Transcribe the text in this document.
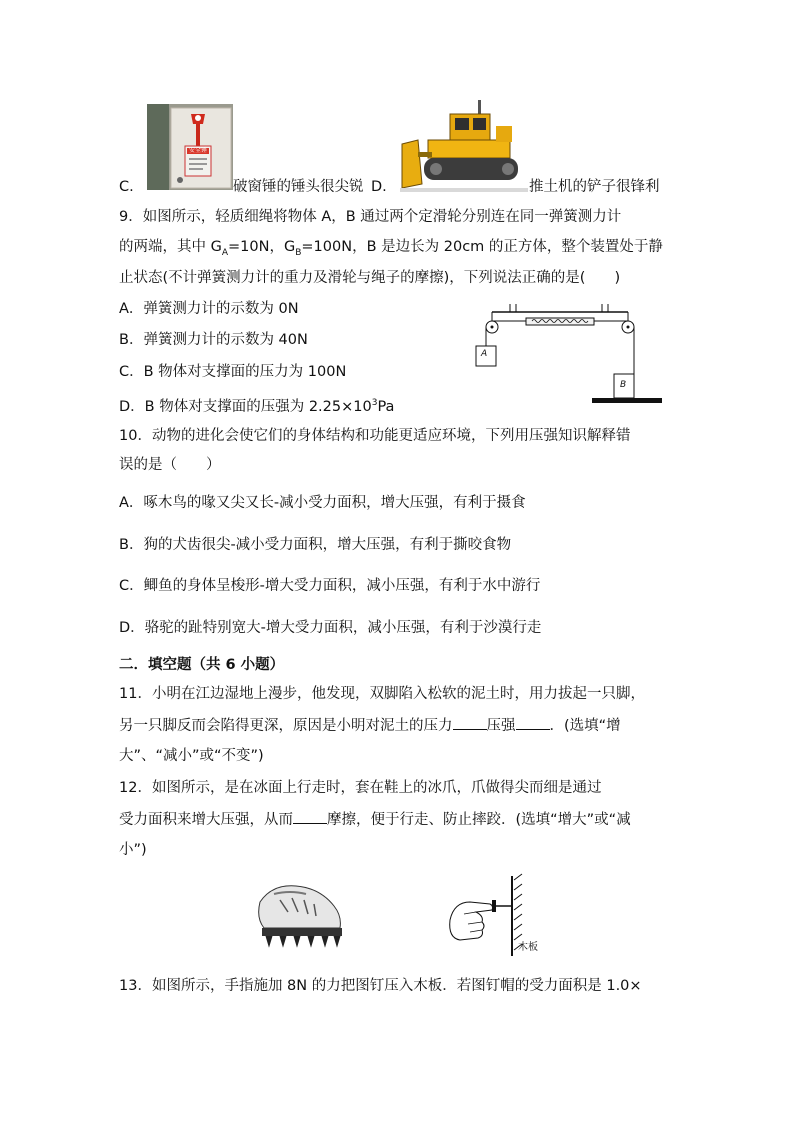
安全锤
C.	破窗锤的锤头很尖锐 D.	推土机的铲子很锋利
9．如图所示，轻质细绳将物体 A，B 通过两个定滑轮分别连在同一弹簧测力计
的两端，其中 $G_A=10N$，$G_B=100N$，B 是边长为 20cm 的正方体，整个装置处于静
止状态(不计弹簧测力计的重力及滑轮与绳子的摩擦)，下列说法正确的是(　　)
A．弹簧测力计的示数为 0N
B．弹簧测力计的示数为 40N
C．B 物体对支撑面的压力为 100N
D．B 物体对支撑面的压强为 $2.25\times 10^3Pa$
A
B
10．动物的进化会使它们的身体结构和功能更适应环境，下列用压强知识解释错
误的是（　　）
A．啄木鸟的喙又尖又长-减小受力面积，增大压强，有利于摄食
B．狗的犬齿很尖-减小受力面积，增大压强，有利于撕咬食物
C．鲫鱼的身体呈梭形-增大受力面积，减小压强，有利于水中游行
D．骆驼的趾特别宽大-增大受力面积，减小压强，有利于沙漠行走
二．填空题（共 6 小题）
11．小明在江边湿地上漫步，他发现，双脚陷入松软的泥土时，用力拔起一只脚，
另一只脚反而会陷得更深，原因是小明对泥土的压力 压强 ．(选填“增
大”、“减小”或“不变”)
12．如图所示，是在冰面上行走时，套在鞋上的冰爪，爪做得尖而细是通过
受力面积来增大压强，从而 摩擦，便于行走、防止摔跤．(选填“增大”或“减
小”)
木板
13．如图所示，手指施加 8N 的力把图钉压入木板．若图钉帽的受力面积是 1.0×
